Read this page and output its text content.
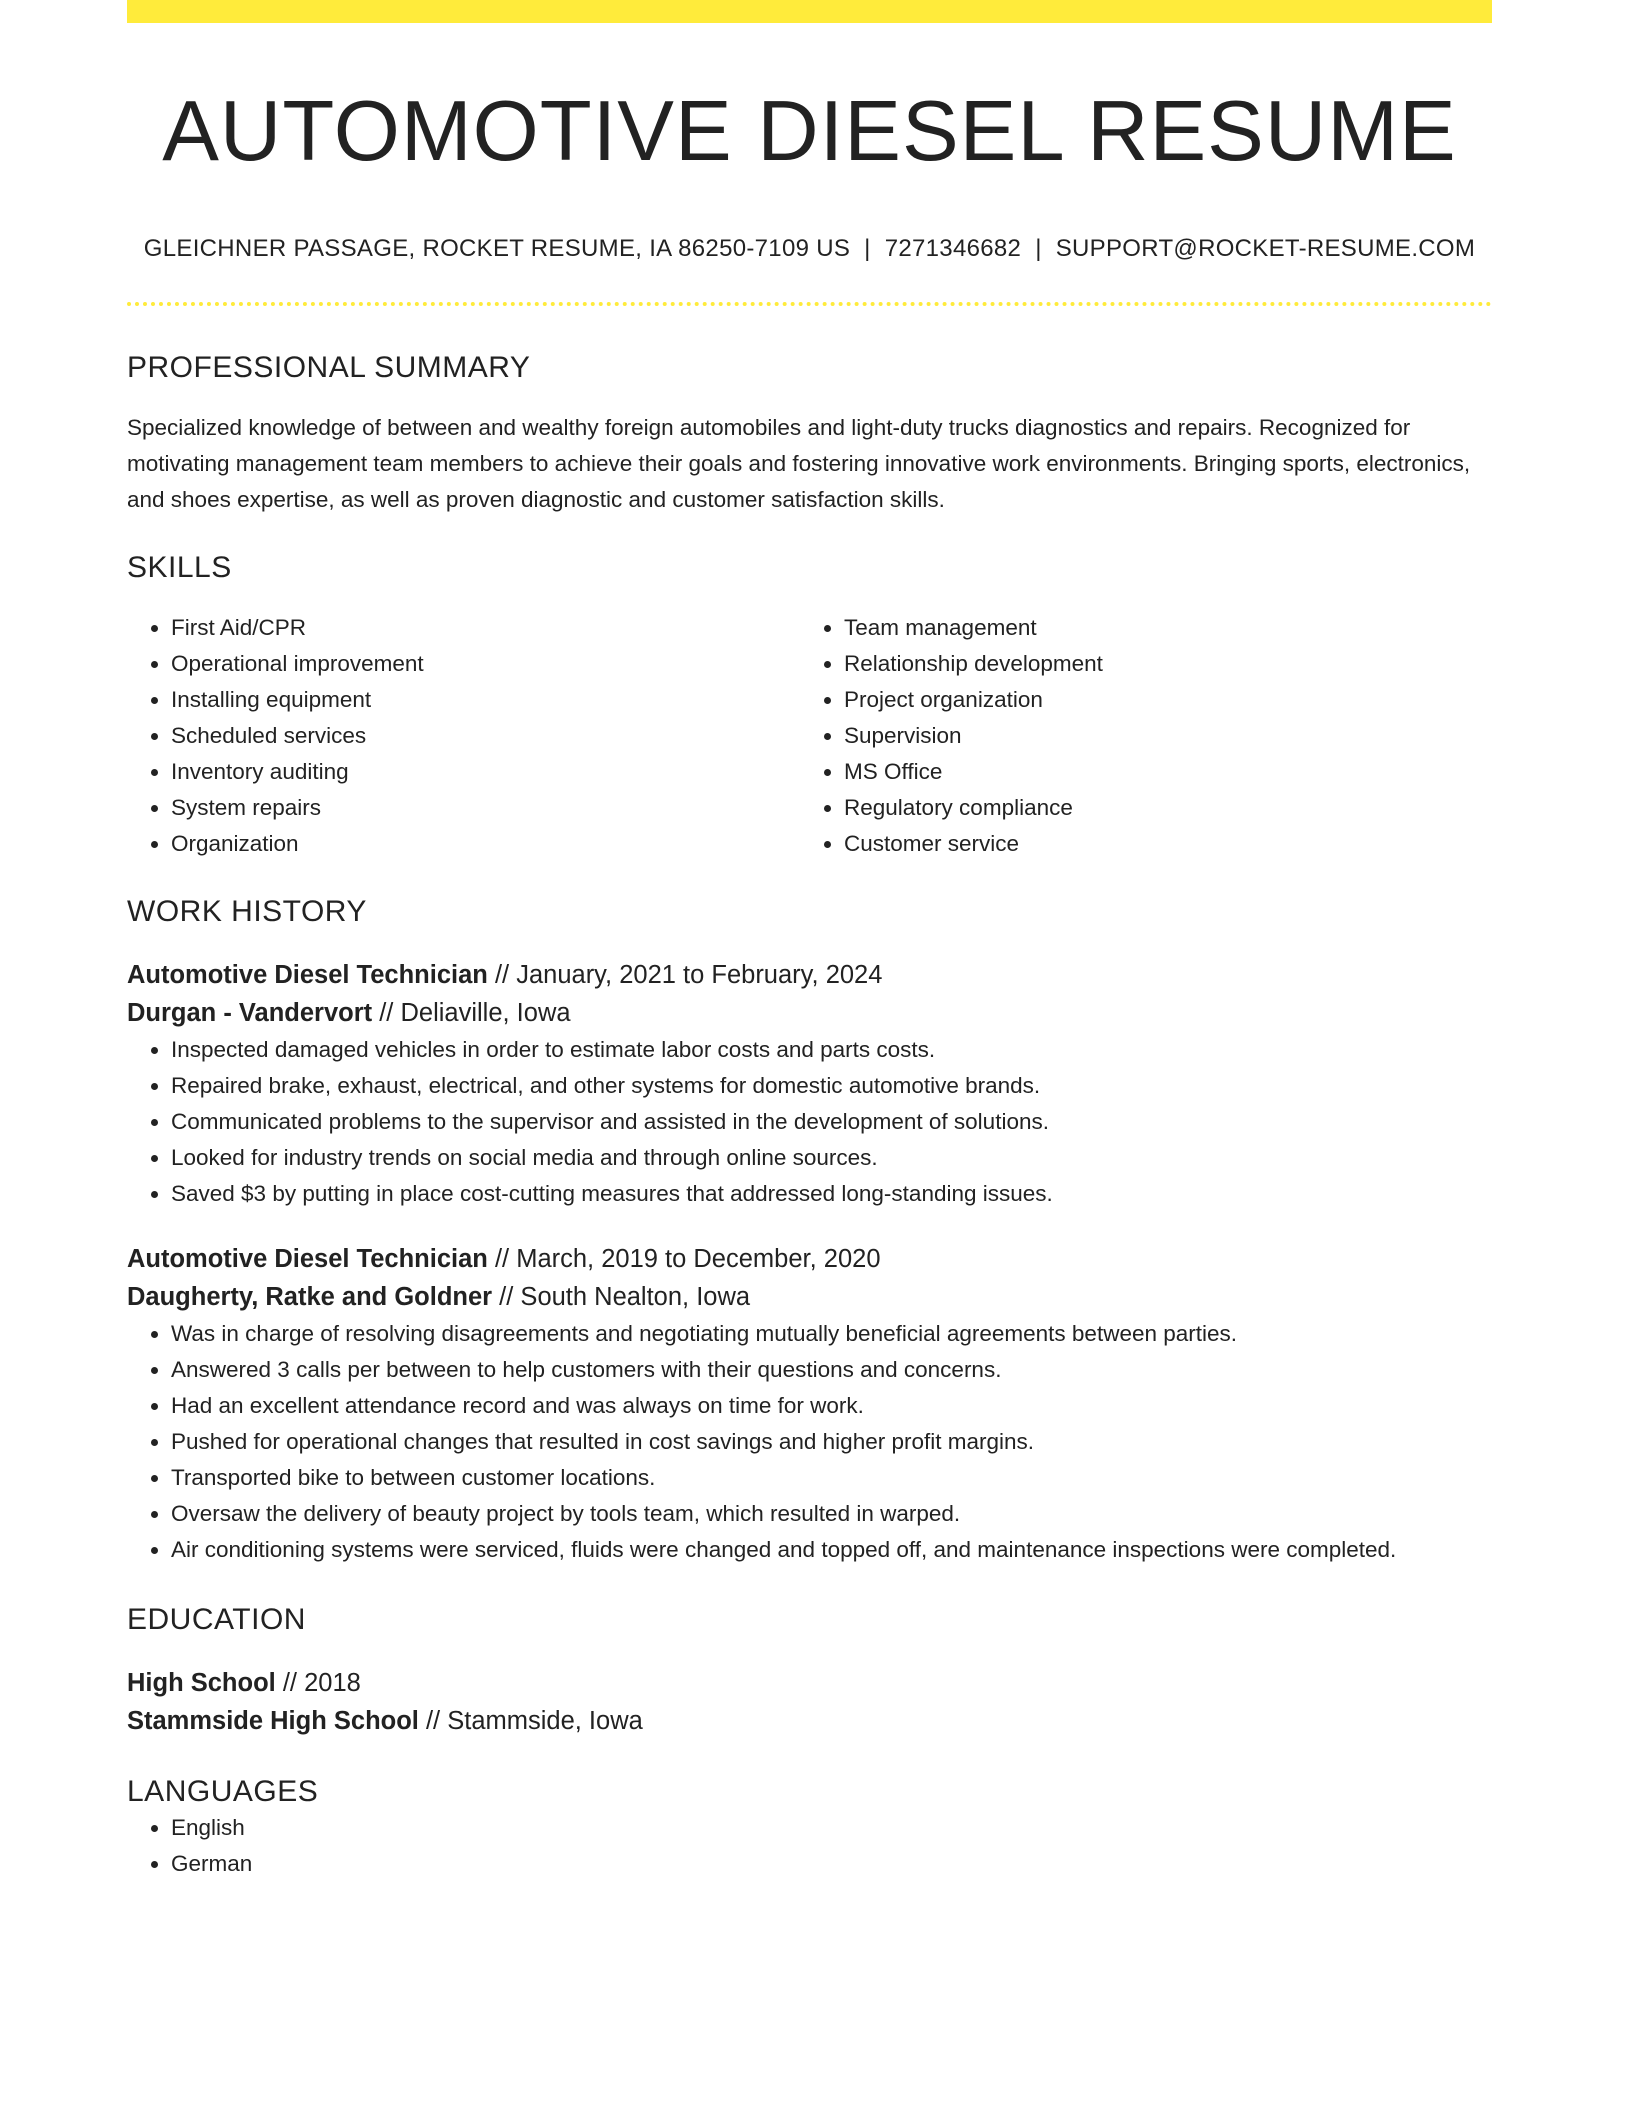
AUTOMOTIVE DIESEL RESUME
GLEICHNER PASSAGE, ROCKET RESUME, IA 86250-7109 US | 7271346682 | SUPPORT@ROCKET-RESUME.COM
PROFESSIONAL SUMMARY

Specialized knowledge of between and wealthy foreign automobiles and light-duty trucks diagnostics and repairs. Recognized for motivating management team members to achieve their goals and fostering innovative work environments. Bringing sports, electronics, and shoes expertise, as well as proven diagnostic and customer satisfaction skills.

SKILLS
• First Aid/CPR
• Operational improvement
• Installing equipment
• Scheduled services
• Inventory auditing
• System repairs
• Organization
• Team management
• Relationship development
• Project organization
• Supervision
• MS Office
• Regulatory compliance
• Customer service
WORK HISTORY

Automotive Diesel Technician // January, 2021 to February, 2024

Durgan - Vandervort // Deliaville, Iowa

• Inspected damaged vehicles in order to estimate labor costs and parts costs.
• Repaired brake, exhaust, electrical, and other systems for domestic automotive brands.
• Communicated problems to the supervisor and assisted in the development of solutions.
• Looked for industry trends on social media and through online sources.
• Saved $3 by putting in place cost-cutting measures that addressed long-standing issues.

Automotive Diesel Technician // March, 2019 to December, 2020

Daugherty, Ratke and Goldner // South Nealton, Iowa

• Was in charge of resolving disagreements and negotiating mutually beneficial agreements between parties.
• Answered 3 calls per between to help customers with their questions and concerns.
• Had an excellent attendance record and was always on time for work.
• Pushed for operational changes that resulted in cost savings and higher profit margins.
• Transported bike to between customer locations.
• Oversaw the delivery of beauty project by tools team, which resulted in warped.
• Air conditioning systems were serviced, fluids were changed and topped off, and maintenance inspections were completed.
EDUCATION

High School // 2018

Stammside High School // Stammside, Iowa

LANGUAGES
• English
• German
